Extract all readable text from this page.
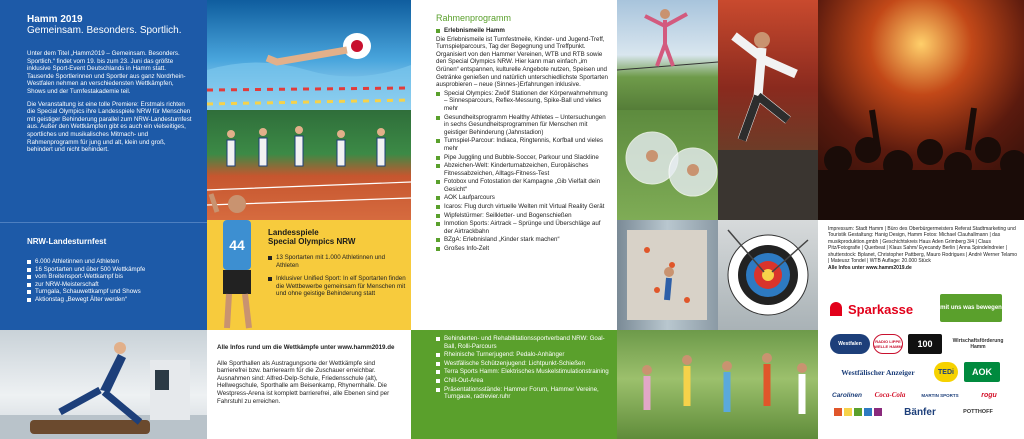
Hamm 2019
Gemeinsam. Besonders. Sportlich.

Unter dem Titel „Hamm2019 – Gemeinsam. Besonders. Sportlich.“ findet vom 19. bis zum 23. Juni das größte inklusive Sport-Event Deutschlands in Hamm statt. Tausende Sportlerinnen und Sportler aus ganz Nordrhein-Westfalen nehmen an verschiedensten Wettkämpfen, Shows und der Turnfestakademie teil.

Die Veranstaltung ist eine tolle Premiere: Erstmals richten die Special Olympics ihre Landesspiele NRW für Menschen mit geistiger Behinderung parallel zum NRW-Landesturnfest aus. Außer den Wettkämpfen gibt es auch ein vielseitiges, sportliches und musikalisches Mitmach- und Rahmenprogramm für jung und alt, klein und groß, behindert und nicht behindert.

NRW-Landesturnfest
6.000 Athletinnen und Athleten
16 Sportarten und über 500 Wettkämpfe
vom Breitensport-Wettkampf bis
zur NRW-Meisterschaft
Turngala, Schauwettkampf und Shows
Aktionstag „Bewegt Älter werden“
44
Landesspiele
Special Olympics NRW
13 Sportarten mit 1.000 Athletinnen und Athleten
Inklusiver Unified Sport: In elf Sportarten finden die Wettbewerbe gemeinsam für Menschen mit und ohne geistige Behinderung statt
Alle Infos rund um die Wettkämpfe unter www.hamm2019.de
Alle Sporthallen als Austragungsorte der Wettkämpfe sind barrierefrei bzw. barrierearm für die Zuschauer erreichbar. Ausnahmen sind: Alfred-Delp-Schule, Friedensschule (alt), Hellwegschule, Sporthalle am Beisenkamp, Rhynernhalle. Die Westpress-Arena ist komplett barrierefrei, alle Ebenen sind per Fahrstuhl zu erreichen.
Rahmenprogramm
Erlebnismeile Hamm
Die Erlebnismeile ist Turnfestmeile, Kinder- und Jugend-Treff, Turnspielparcours, Tag der Begegnung und Treffpunkt. Organisiert von den Hammer Vereinen, WTB und RTB sowie den Special Olympics NRW. Hier kann man einfach „im Grünen“ entspannen, kulturelle Angebote nutzen, Speisen und Getränke genießen und natürlich unterschiedlichste Sportarten ausprobieren – neue (Sinnes-)Erfahrungen inklusive.
Special Olympics: Zwölf Stationen der Körperwahrnehmung – Sinnesparcours, Reflex-Messung, Spike-Ball und vieles mehr
Gesundheitsprogramm Healthy Athletes – Untersuchungen in sechs Gesundheitsprogrammen für Menschen mit geistiger Behinderung (Jahnstadion)
Turnspiel-Parcour: Indiaca, Ringtennis, Korfball und vieles mehr
Pipe Juggling und Bubble-Soccer, Parkour und Slackline
Abzeichen-Welt: Kinderturnabzeichen, Europäisches Fitnessabzeichen, Alltags-Fitness-Test
Fotobox und Fotostation der Kampagne „Gib Vielfalt dein Gesicht“
AOK Laufparcours
Icaros: Flug durch virtuelle Welten mit Virtual Reality Gerät
Wipfelstürmer: Seilkletter- und Bogenschießen
Inmotion Sports: Airtrack – Sprünge und Überschläge auf der Airtrackbahn
BZgA: Erlebnisland „Kinder stark machen“
Großes Info-Zelt
Behinderten- und Rehabilitationssportverband NRW: Goal-Ball, Rolli-Parcours
Rheinische Turnerjugend: Pedalo-Anhänger
Westfälische Schützenjugend: Lichtpunkt-Schießen
Terra Sports Hamm: Elektrisches Muskelstimulationstraining
Chill-Out-Area
Präsentationsstände: Hammer Forum, Hammer Vereine, Turngaue, radrevier.ruhr
Impressum: Stadt Hamm | Büro des Oberbürgermeisters Referat Stadtmarketing und Touristik Gestaltung: Hanig Design, Hamm Fotos: Michael Clauhallmann | das musikproduktion.gmbh | Geschichtskreis Haus Aden Grimberg 3/4 | Claus Pitz/Fotografie | Querbeat | Klaus Sahm/ Eyecandy Berlin | Anna Spindelndreier | shutterstock: Bplanet, Christopher Pattberg, Mauro Rodrigues | André Werner Telamo | Mateusz Tondel | WTB Auflage: 20.000 Stück
Alle Infos unter www.hamm2019.de
Sparkasse	mit uns was bewegen
Westfalen	RADIO LIPPE WELLE HAMM 100	Wirtschaftsförderung Hamm
Westfälischer Anzeiger	TEDi AOK
Carolinen Coca-Cola	MARTIN SPORTS	rogu
Bänfer	POTTHOFF
